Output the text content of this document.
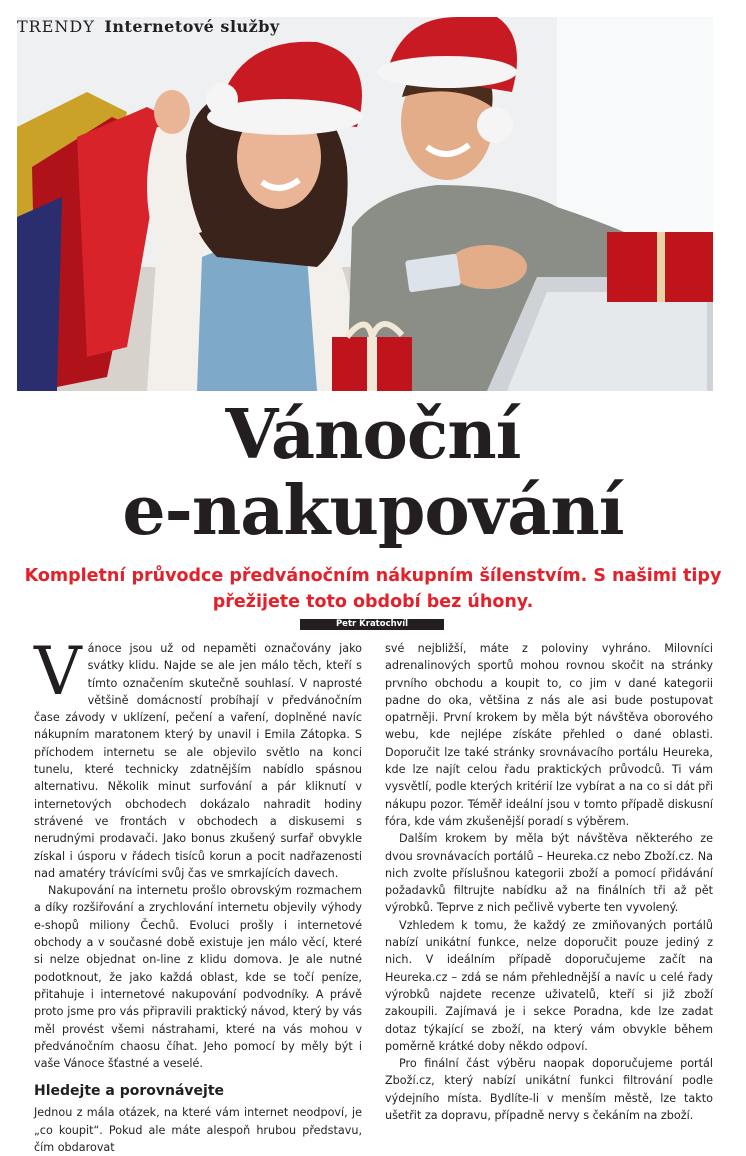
TRENDY Internetové služby
Vánoční
e-nakupování
Kompletní průvodce předvánočním nákupním šílenstvím. S našimi tipy přežijete toto období bez úhony.
Petr Kratochvíl

Vánoce jsou už od nepaměti označovány jako svátky klidu. Najde se ale jen málo těch, kteří s tímto označením skutečně souhlasí. V naprosté většině domácností probíhají v předvánočním čase závody v uklízení, pečení a vaření, doplněné navíc nákupním maratonem který by unavil i Emila Zátopka. S příchodem internetu se ale objevilo světlo na konci tunelu, které technicky zdatnějším nabídlo spásnou alternativu. Několik minut surfování a pár kliknutí v internetových obchodech dokázalo nahradit hodiny strávené ve frontách v obchodech a diskusemi s nerudnými prodavači. Jako bonus zkušený surfař obvykle získal i úsporu v řádech tisíců korun a pocit nadřazenosti nad amatéry trávícími svůj čas ve smrkajících davech.

Nakupování na internetu prošlo obrovským rozmachem a díky rozšiřování a zrychlování internetu objevily výhody e-shopů miliony Čechů. Evoluci prošly i internetové obchody a v současné době existuje jen málo věcí, které si nelze objednat on-line z klidu domova. Je ale nutné podotknout, že jako každá oblast, kde se točí peníze, přitahuje i internetové nakupování podvodníky. A právě proto jsme pro vás připravili praktický návod, který by vás měl provést všemi nástrahami, které na vás mohou v předvánočním chaosu číhat. Jeho pomocí by měly být i vaše Vánoce šťastné a veselé.

Hledejte a porovnávejte

Jednou z mála otázek, na které vám internet neodpoví, je „co koupit“. Pokud ale máte alespoň hrubou představu, čím obdarovat

své nejbližší, máte z poloviny vyhráno. Milovníci adrenalinových sportů mohou rovnou skočit na stránky prvního obchodu a koupit to, co jim v dané kategorii padne do oka, většina z nás ale asi bude postupovat opatrněji. První krokem by měla být návštěva oborového webu, kde nejlépe získáte přehled o dané oblasti. Doporučit lze také stránky srovnávacího portálu Heureka, kde lze najít celou řadu praktických průvodců. Ti vám vysvětlí, podle kterých kritérií lze vybírat a na co si dát při nákupu pozor. Téměř ideální jsou v tomto případě diskusní fóra, kde vám zkušenější poradí s výběrem.

Dalším krokem by měla být návštěva některého ze dvou srovnávacích portálů – Heureka.cz nebo Zboží.cz. Na nich zvolte příslušnou kategorii zboží a pomocí přidávání požadavků filtrujte nabídku až na finálních tři až pět výrobků. Teprve z nich pečlivě vyberte ten vyvolený.

Vzhledem k tomu, že každý ze zmiňovaných portálů nabízí unikátní funkce, nelze doporučit pouze jediný z nich. V ideálním případě doporučujeme začít na Heureka.cz – zdá se nám přehlednější a navíc u celé řady výrobků najdete recenze uživatelů, kteří si již zboží zakoupili. Zajímavá je i sekce Poradna, kde lze zadat dotaz týkající se zboží, na který vám obvykle během poměrně krátké doby někdo odpoví.

Pro finální část výběru naopak doporučujeme portál Zboží.cz, který nabízí unikátní funkci filtrování podle výdejního místa. Bydlíte-li v menším městě, lze takto ušetřit za dopravu, případně nervy s čekáním na zboží.
